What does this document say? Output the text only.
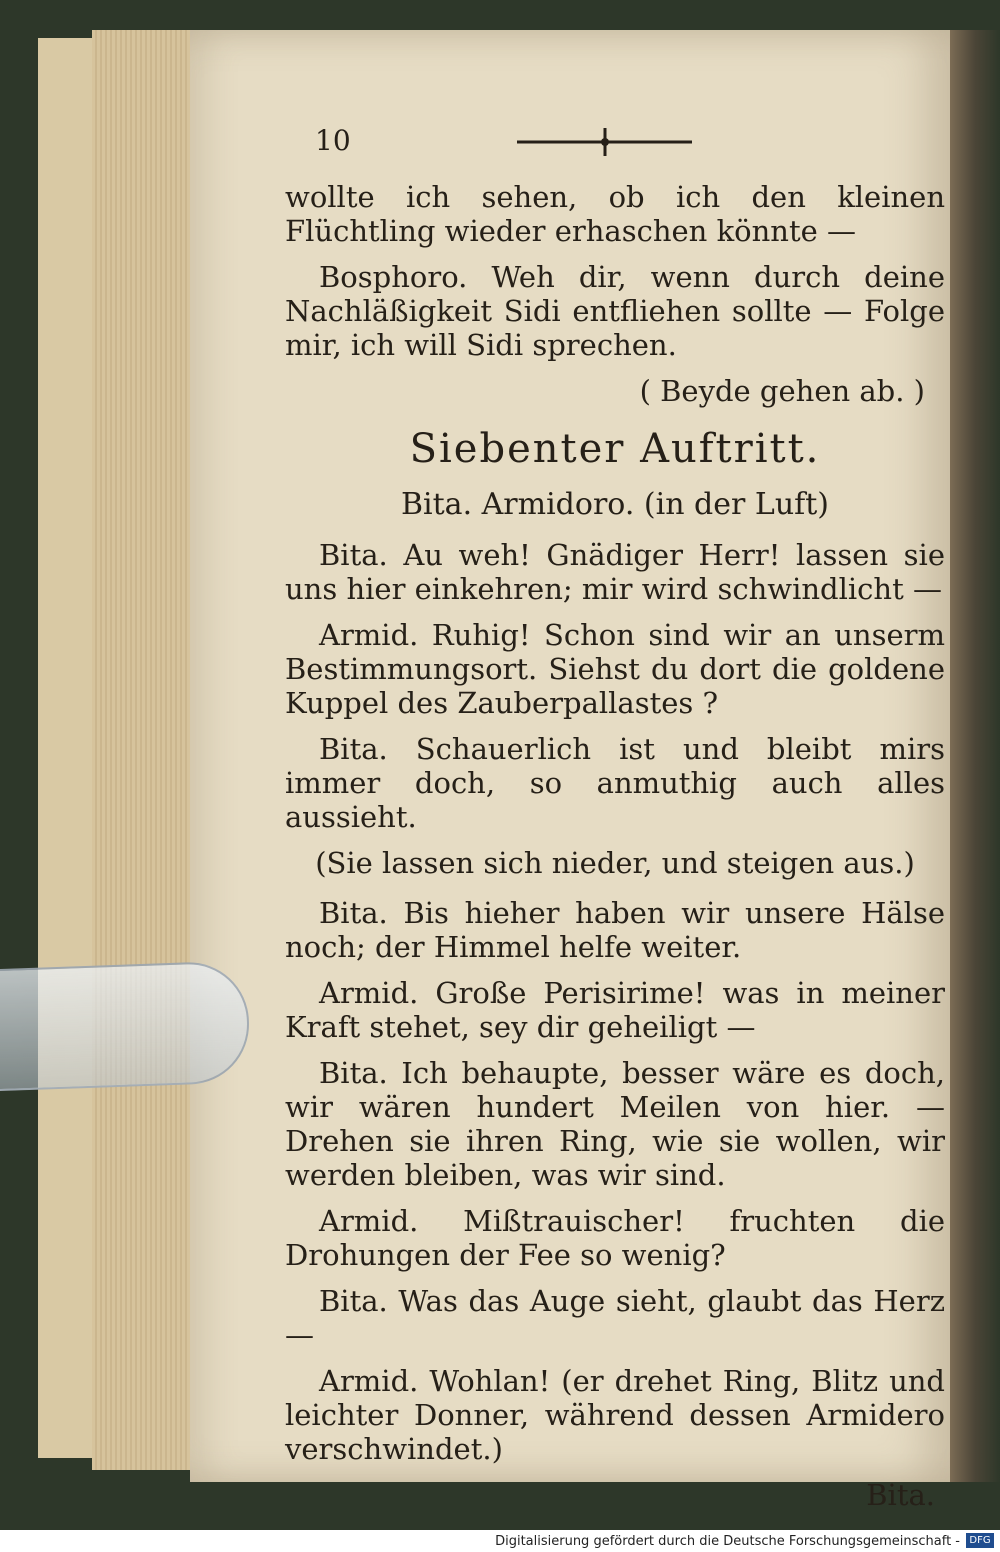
10

wollte ich sehen, ob ich den kleinen Flüchtling wieder erhaschen könnte —

Bosphoro. Weh dir, wenn durch deine Nachläßigkeit Sidi entfliehen sollte — Folge mir, ich will Sidi sprechen.

( Beyde gehen ab. )

Siebenter Auftritt.

Bita. Armidoro. (in der Luft)

Bita. Au weh! Gnädiger Herr! lassen sie uns hier einkehren; mir wird schwindlicht —

Armid. Ruhig! Schon sind wir an unserm Bestimmungsort. Siehst du dort die goldene Kuppel des Zauberpallastes ?

Bita. Schauerlich ist und bleibt mirs immer doch, so anmuthig auch alles aussieht.

(Sie lassen sich nieder, und steigen aus.)

Bita. Bis hieher haben wir unsere Hälse noch; der Himmel helfe weiter.

Armid. Große Perisirime! was in meiner Kraft stehet, sey dir geheiligt —

Bita. Ich behaupte, besser wäre es doch, wir wären hundert Meilen von hier. — Drehen sie ihren Ring, wie sie wollen, wir werden bleiben, was wir sind.

Armid. Mißtrauischer! fruchten die Drohungen der Fee so wenig?

Bita. Was das Auge sieht, glaubt das Herz —

Armid. Wohlan! (er drehet Ring, Blitz und leichter Donner, während dessen Armidero verschwindet.)

Bita.

Digitalisierung gefördert durch die Deutsche Forschungsgemeinschaft - DFG
